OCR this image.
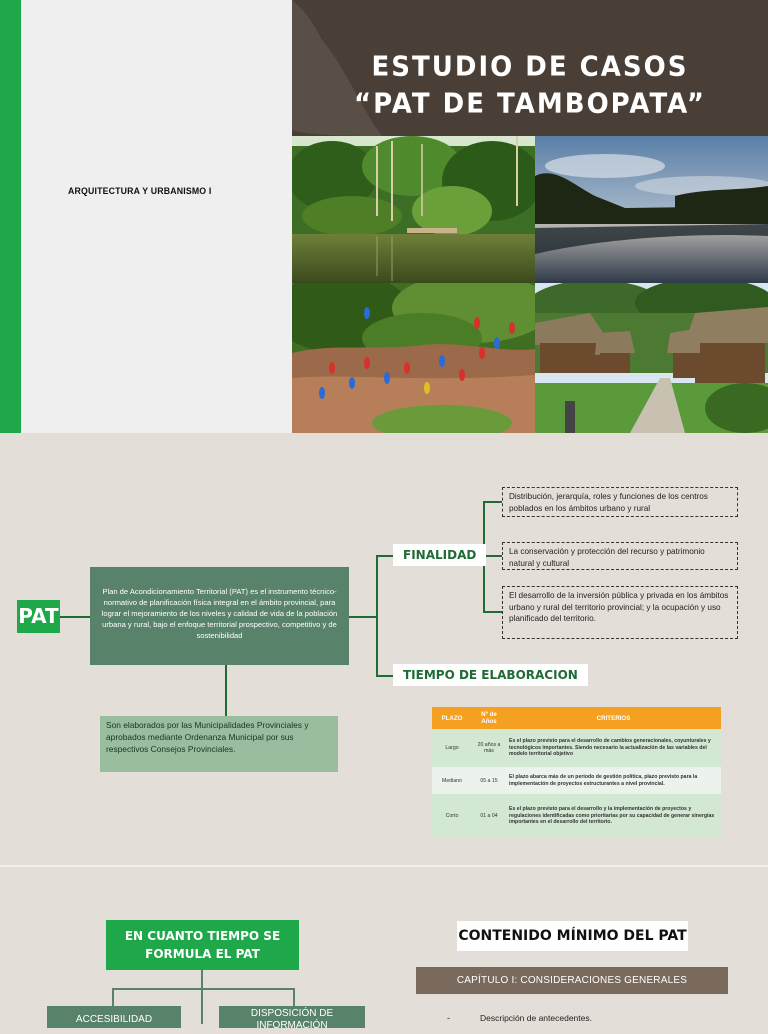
ARQUITECTURA Y URBANISMO I
ESTUDIO DE CASOS
“PAT DE TAMBOPATA”
PAT
Plan de Acondicionamiento Territorial (PAT) es el instrumento técnico-normativo de planificación física integral en el ámbito provincial, para lograr el mejoramiento de los niveles y calidad de vida de la población urbana y rural, bajo el enfoque territorial prospectivo, competitivo y de sostenibilidad
Son elaborados por las Municipalidades Provinciales y aprobados mediante Ordenanza Municipal por sus respectivos Consejos Provinciales.
FINALIDAD
TIEMPO DE ELABORACION
Distribución, jerarquía, roles y funciones de los centros poblados en los ámbitos urbano y rural
La conservación y protección del recurso y patrimonio natural y cultural
El desarrollo de la inversión pública y privada en los ámbitos urbano y rural del territorio provincial; y la ocupación y uso planificado del territorio.
PLAZO	Nº de Años	CRITERIOS
Largo	20 años a más	Es el plazo previsto para el desarrollo de cambios generacionales, coyunturales y tecnológicos importantes. Siendo necesario la actualización de las variables del modelo territorial objetivo
Mediano	05 a 15	El plazo abarca más de un periodo de gestión política, plazo previsto para la implementación de proyectos estructurantes a nivel provincial.
Corto	01 a 04	Es el plazo previsto para el desarrollo y la implementación de proyectos y regulaciones identificadas como prioritarias por su capacidad de generar sinergias importantes en el desarrollo del territorio.
EN CUANTO TIEMPO SE
FORMULA EL PAT
ACCESIBILIDAD
DISPOSICIÓN DE
INFORMACIÓN
CONTENIDO MÍNIMO DEL PAT
CAPÍTULO I: CONSIDERACIONES GENERALES
-	Descripción de antecedentes.
